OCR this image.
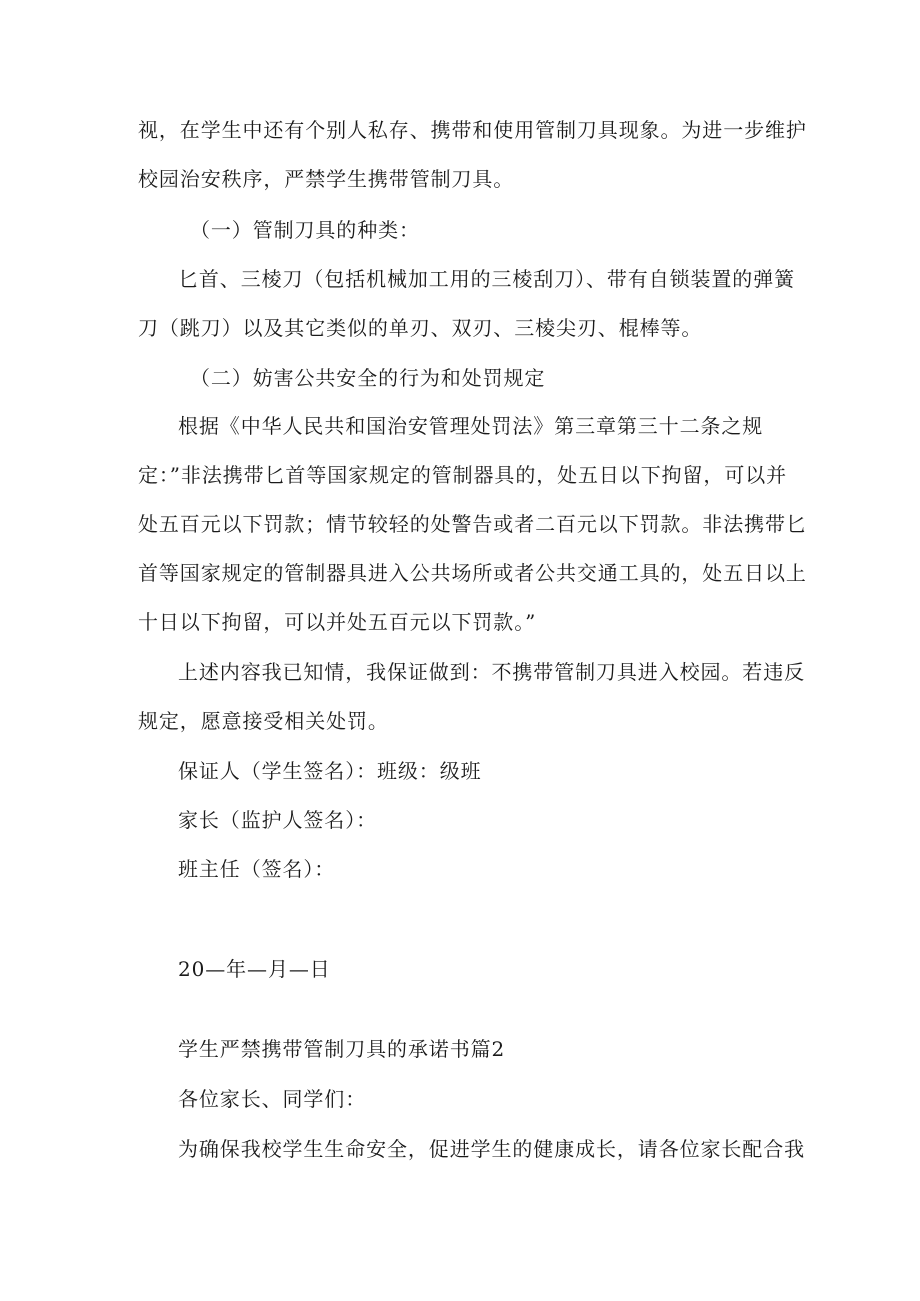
视，在学生中还有个别人私存、携带和使用管制刀具现象。为进一步维护
校园治安秩序，严禁学生携带管制刀具。
（一）管制刀具的种类：
匕首、三棱刀（包括机械加工用的三棱刮刀）、带有自锁装置的弹簧
刀（跳刀）以及其它类似的单刃、双刃、三棱尖刃、棍棒等。
（二）妨害公共安全的行为和处罚规定
根据《中华人民共和国治安管理处罚法》第三章第三十二条之规
定：”非法携带匕首等国家规定的管制器具的，处五日以下拘留，可以并
处五百元以下罚款；情节较轻的处警告或者二百元以下罚款。非法携带匕
首等国家规定的管制器具进入公共场所或者公共交通工具的，处五日以上
十日以下拘留，可以并处五百元以下罚款。”
上述内容我已知情，我保证做到：不携带管制刀具进入校园。若违反
规定，愿意接受相关处罚。
保证人（学生签名）：班级：级班
家长（监护人签名）：
班主任（签名）：
20—年—月—日
学生严禁携带管制刀具的承诺书篇2
各位家长、同学们：
为确保我校学生生命安全，促进学生的健康成长，请各位家长配合我
